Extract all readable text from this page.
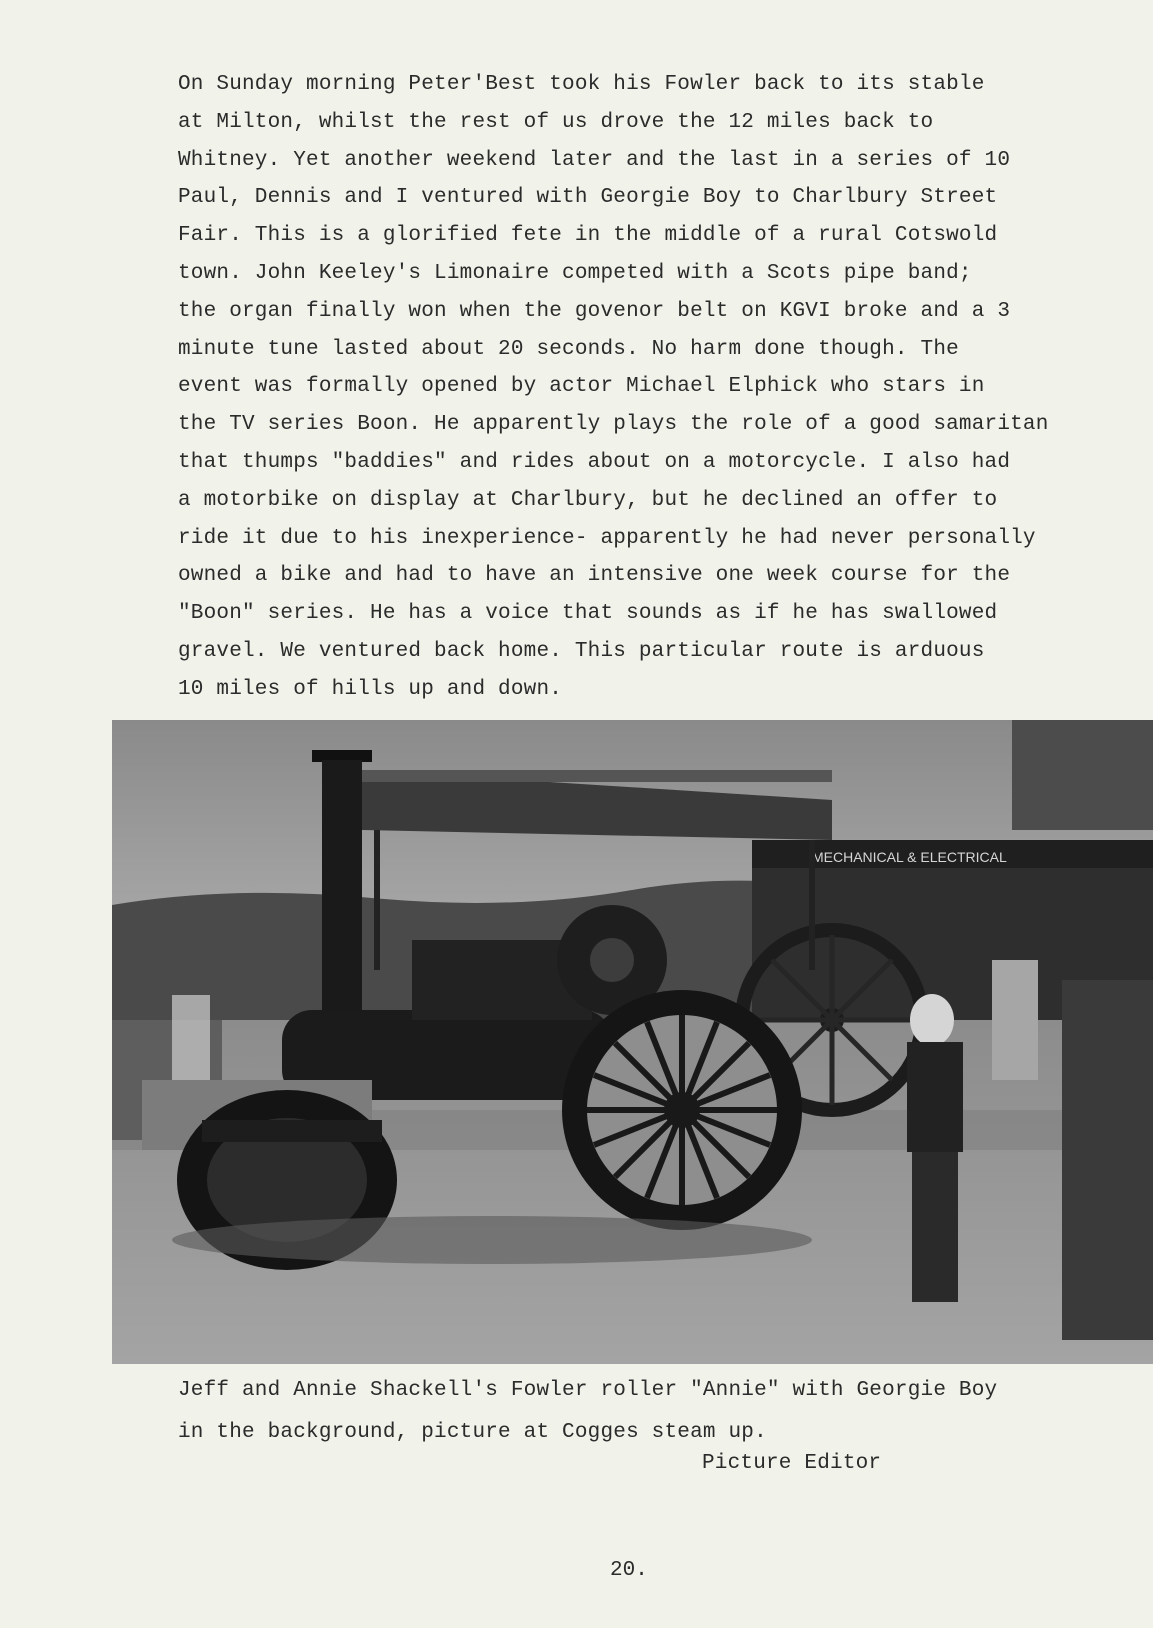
On Sunday morning Peter'Best took his Fowler back to its stable
at Milton, whilst the rest of us drove the 12 miles back to
Whitney. Yet another weekend later and the last in a series of 10
Paul, Dennis and I ventured with Georgie Boy to Charlbury Street
Fair. This is a glorified fete in the middle of a rural Cotswold
town. John Keeley's Limonaire competed with a Scots pipe band;
the organ finally won when the govenor belt on KGVI broke and a 3
minute tune lasted about 20 seconds. No harm done though. The
event was formally opened by actor Michael Elphick who stars in
the TV series Boon. He apparently plays the role of a good samaritan
that thumps "baddies" and rides about on a motorcycle. I also had
a motorbike on display at Charlbury, but he declined an offer to
ride it due to his inexperience- apparently he had never personally
owned a bike and had to have an intensive one week course for the
"Boon" series. He has a voice that sounds as if he has swallowed
gravel. We ventured back home. This particular route is arduous
10 miles of hills up and down.
MECHANICAL & ELECTRICAL
Jeff and Annie Shackell's Fowler roller "Annie" with Georgie Boy
in the background, picture at Cogges steam up.
Picture Editor
20.
